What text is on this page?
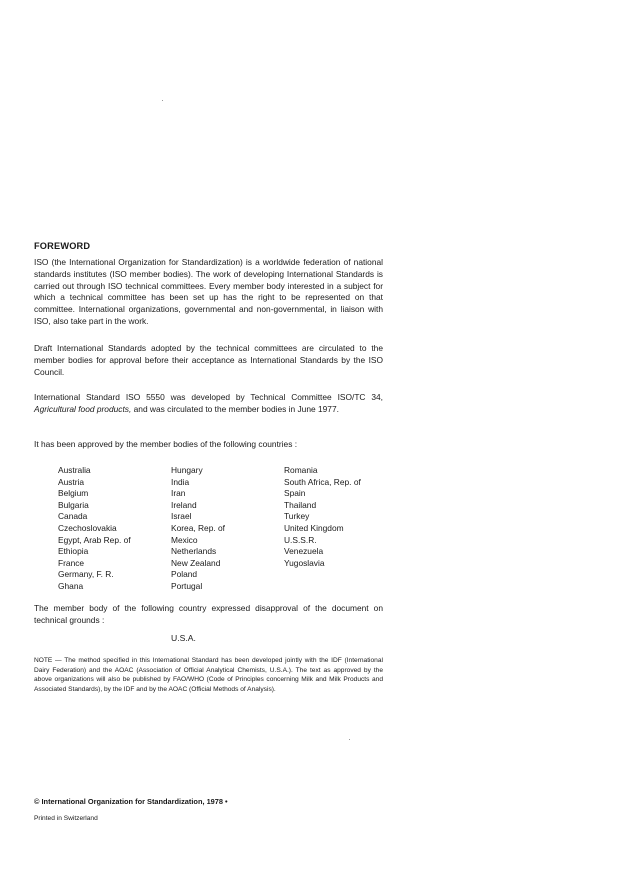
FOREWORD

ISO (the International Organization for Standardization) is a worldwide federation of national standards institutes (ISO member bodies). The work of developing International Standards is carried out through ISO technical committees. Every member body interested in a subject for which a technical committee has been set up has the right to be represented on that committee. International organizations, governmental and non-governmental, in liaison with ISO, also take part in the work.

Draft International Standards adopted by the technical committees are circulated to the member bodies for approval before their acceptance as International Standards by the ISO Council.

International Standard ISO 5550 was developed by Technical Committee ISO/TC 34, Agricultural food products, and was circulated to the member bodies in June 1977.

It has been approved by the member bodies of the following countries :

Australia
Austria
Belgium
Bulgaria
Canada
Czechoslovakia
Egypt, Arab Rep. of
Ethiopia
France
Germany, F. R.
Ghana
Hungary
India
Iran
Ireland
Israel
Korea, Rep. of
Mexico
Netherlands
New Zealand
Poland
Portugal
Romania
South Africa, Rep. of
Spain
Thailand
Turkey
United Kingdom
U.S.S.R.
Venezuela
Yugoslavia

The member body of the following country expressed disapproval of the document on technical grounds :

U.S.A.

NOTE — The method specified in this International Standard has been developed jointly with the IDF (International Dairy Federation) and the AOAC (Association of Official Analytical Chemists, U.S.A.). The text as approved by the above organizations will also be published by FAO/WHO (Code of Principles concerning Milk and Milk Products and Associated Standards), by the IDF and by the AOAC (Official Methods of Analysis).

© International Organization for Standardization, 1978 •
Printed in Switzerland
